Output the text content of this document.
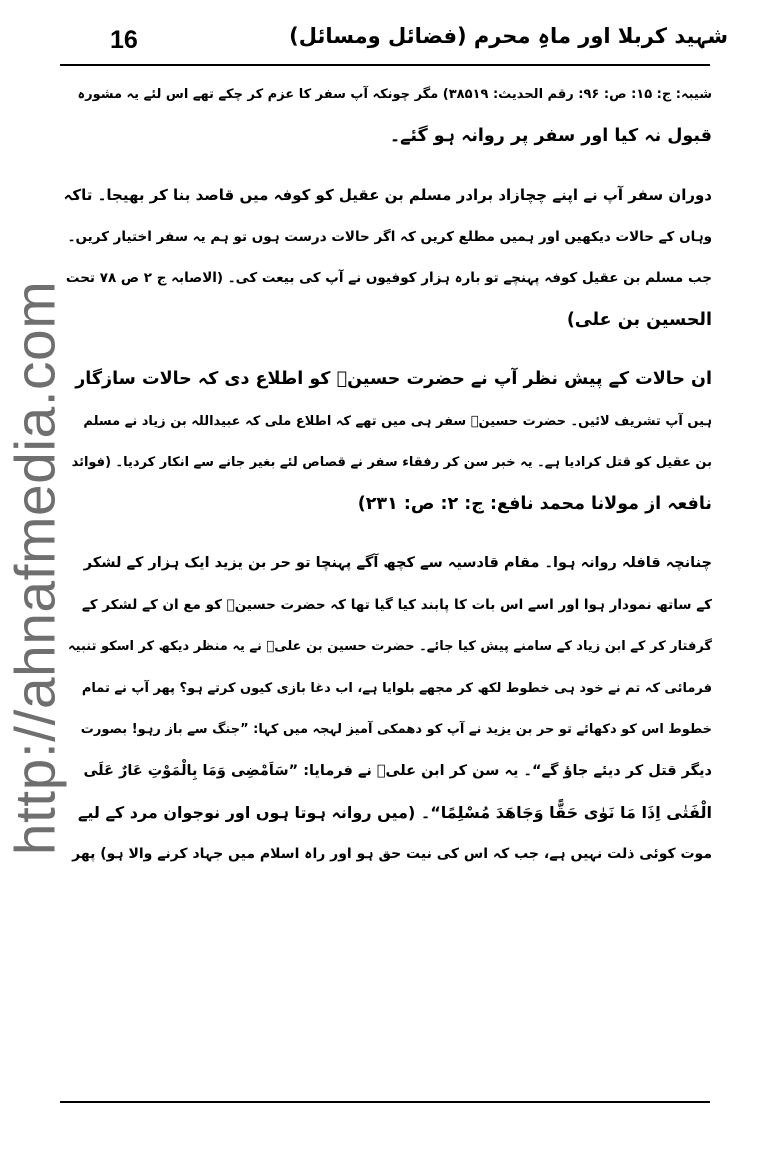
16	شہید کربلا اور ماہِ محرم (فضائل ومسائل)
http://ahnafmedia.com
شیبہ: ج: ۱۵: ص: ۹۶: رقم الحدیث: ۳۸۵۱۹) مگر چونکہ آپ سفر کا عزم کر چکے تھے اس لئے یہ مشورہ
قبول نہ کیا اور سفر پر روانہ ہو گئے۔
دوران سفر آپ نے اپنے چچازاد برادر مسلم بن عقیل کو کوفہ میں قاصد بنا کر بھیجا۔ تاکہ
وہاں کے حالات دیکھیں اور ہمیں مطلع کریں کہ اگر حالات درست ہوں تو ہم یہ سفر اختیار کریں۔
جب مسلم بن عقیل کوفہ پہنچے تو بارہ ہزار کوفیوں نے آپ کی بیعت کی۔ (الاصابہ ج ۲ ص ۷۸ تحت
الحسین بن علی)
ان حالات کے پیش نظر آپ نے حضرت حسینؓ کو اطلاع دی کہ حالات سازگار
ہیں آپ تشریف لائیں۔ حضرت حسینؓ سفر ہی میں تھے کہ اطلاع ملی کہ عبیداللہ بن زیاد نے مسلم
بن عقیل کو قتل کرادیا ہے۔ یہ خبر سن کر رفقاء سفر نے قصاص لئے بغیر جانے سے انکار کردیا۔ (فوائد
نافعہ از مولانا محمد نافع: ج: ۲: ص: ۲۳۱)
چنانچہ قافلہ روانہ ہوا۔ مقام قادسیہ سے کچھ آگے پہنچا تو حر بن یزید ایک ہزار کے لشکر
کے ساتھ نمودار ہوا اور اسے اس بات کا پابند کیا گیا تھا کہ حضرت حسینؓ کو مع ان کے لشکر کے
گرفتار کر کے ابن زیاد کے سامنے پیش کیا جائے۔ حضرت حسین بن علیؓ نے یہ منظر دیکھ کر اسکو تنبیہ
فرمائی کہ تم نے خود ہی خطوط لکھ کر مجھے بلوایا ہے، اب دغا بازی کیوں کرتے ہو؟ پھر آپ نے تمام
خطوط اس کو دکھائے تو حر بن یزید نے آپ کو دھمکی آمیز لہجہ میں کہا: ”جنگ سے باز رہو! بصورت
دیگر قتل کر دیئے جاؤ گے“۔ یہ سن کر ابن علیؓ نے فرمایا: ”سَاَمْضِی وَمَا بِالْمَوْتِ عَارٌ عَلَی
الْفَتٰی اِذَا مَا نَوٰی حَقًّا وَجَاھَدَ مُسْلِمًا“۔ (میں روانہ ہوتا ہوں اور نوجوان مرد کے لیے
موت کوئی ذلت نہیں ہے، جب کہ اس کی نیت حق ہو اور راہ اسلام میں جہاد کرنے والا ہو) پھر
